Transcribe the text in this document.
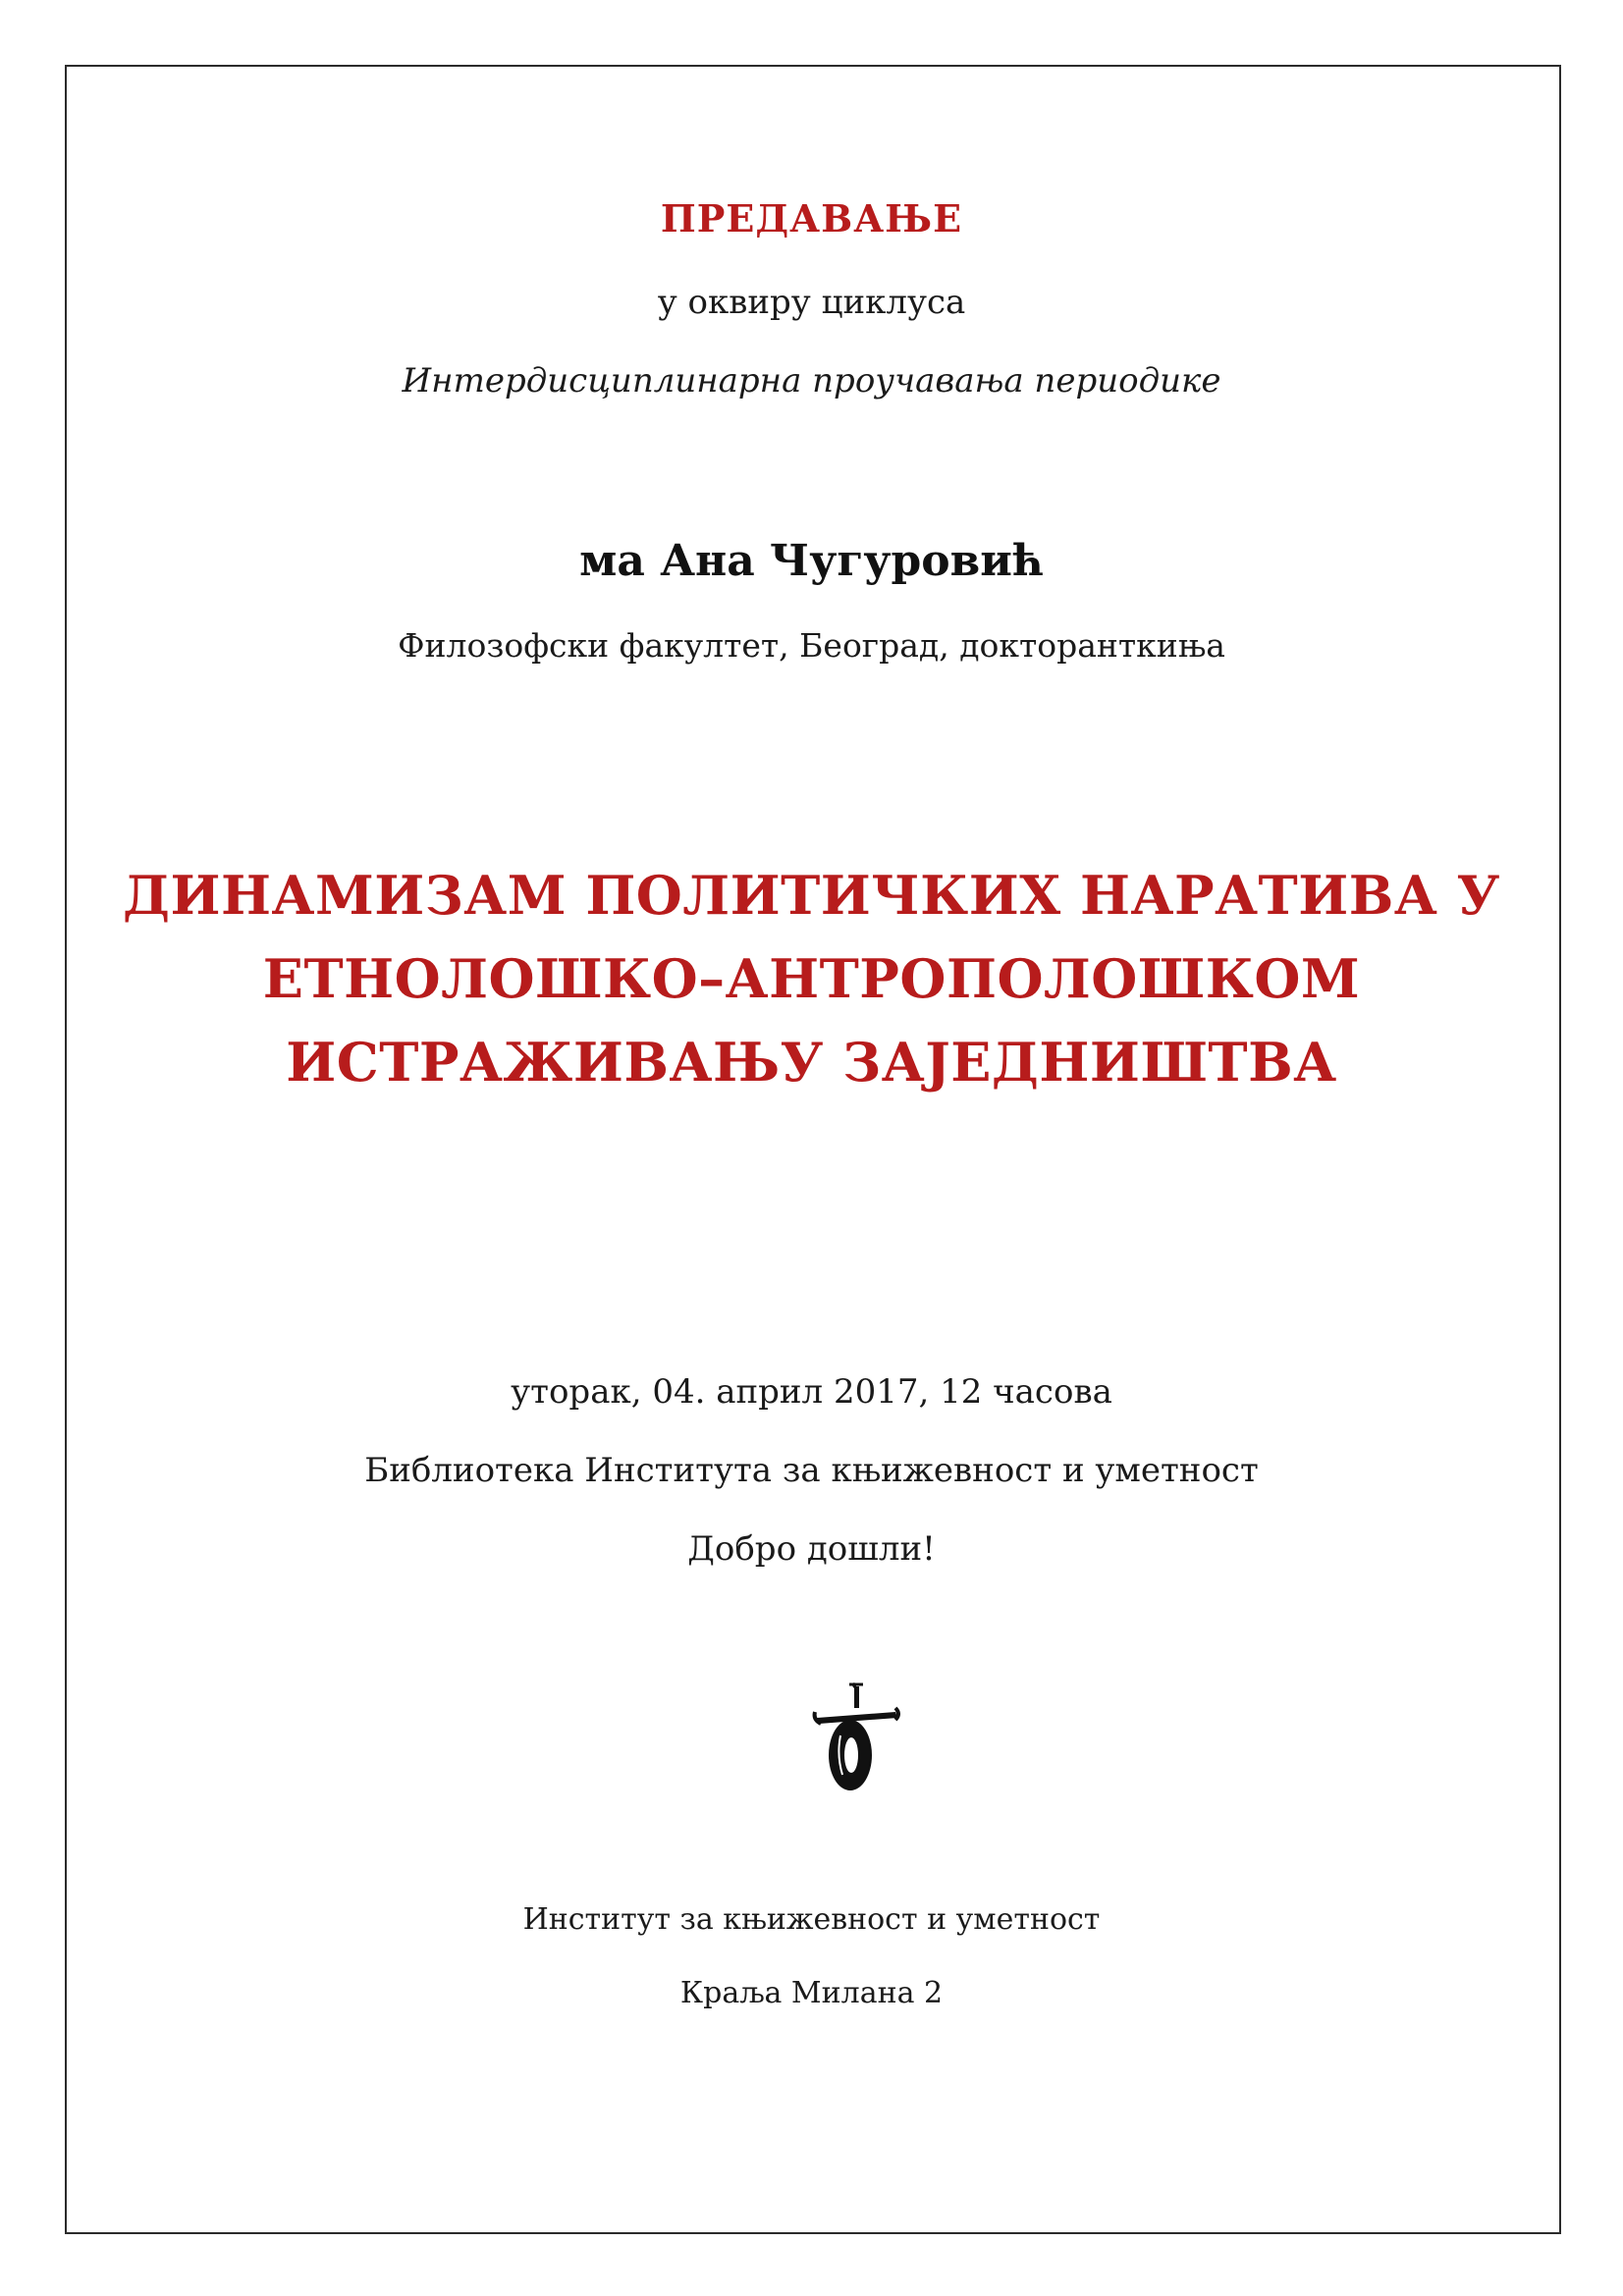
ПРЕДАВАЊЕ
у оквиру циклуса
Интердисциплинарна проучавања периодике
ма Ана Чугуровић
Филозофски факултет, Београд, докторанткиња
ДИНАМИЗАМ ПОЛИТИЧКИХ НАРАТИВА У
ЕТНОЛОШКО–АНТРОПОЛОШКОМ
ИСТРАЖИВАЊУ ЗАЈЕДНИШТВА
уторак, 04. април 2017, 12 часова
Библиотека Института за књижевност и уметност
Добро дошли!
Институт за књижевност и уметност
Краља Милана 2
